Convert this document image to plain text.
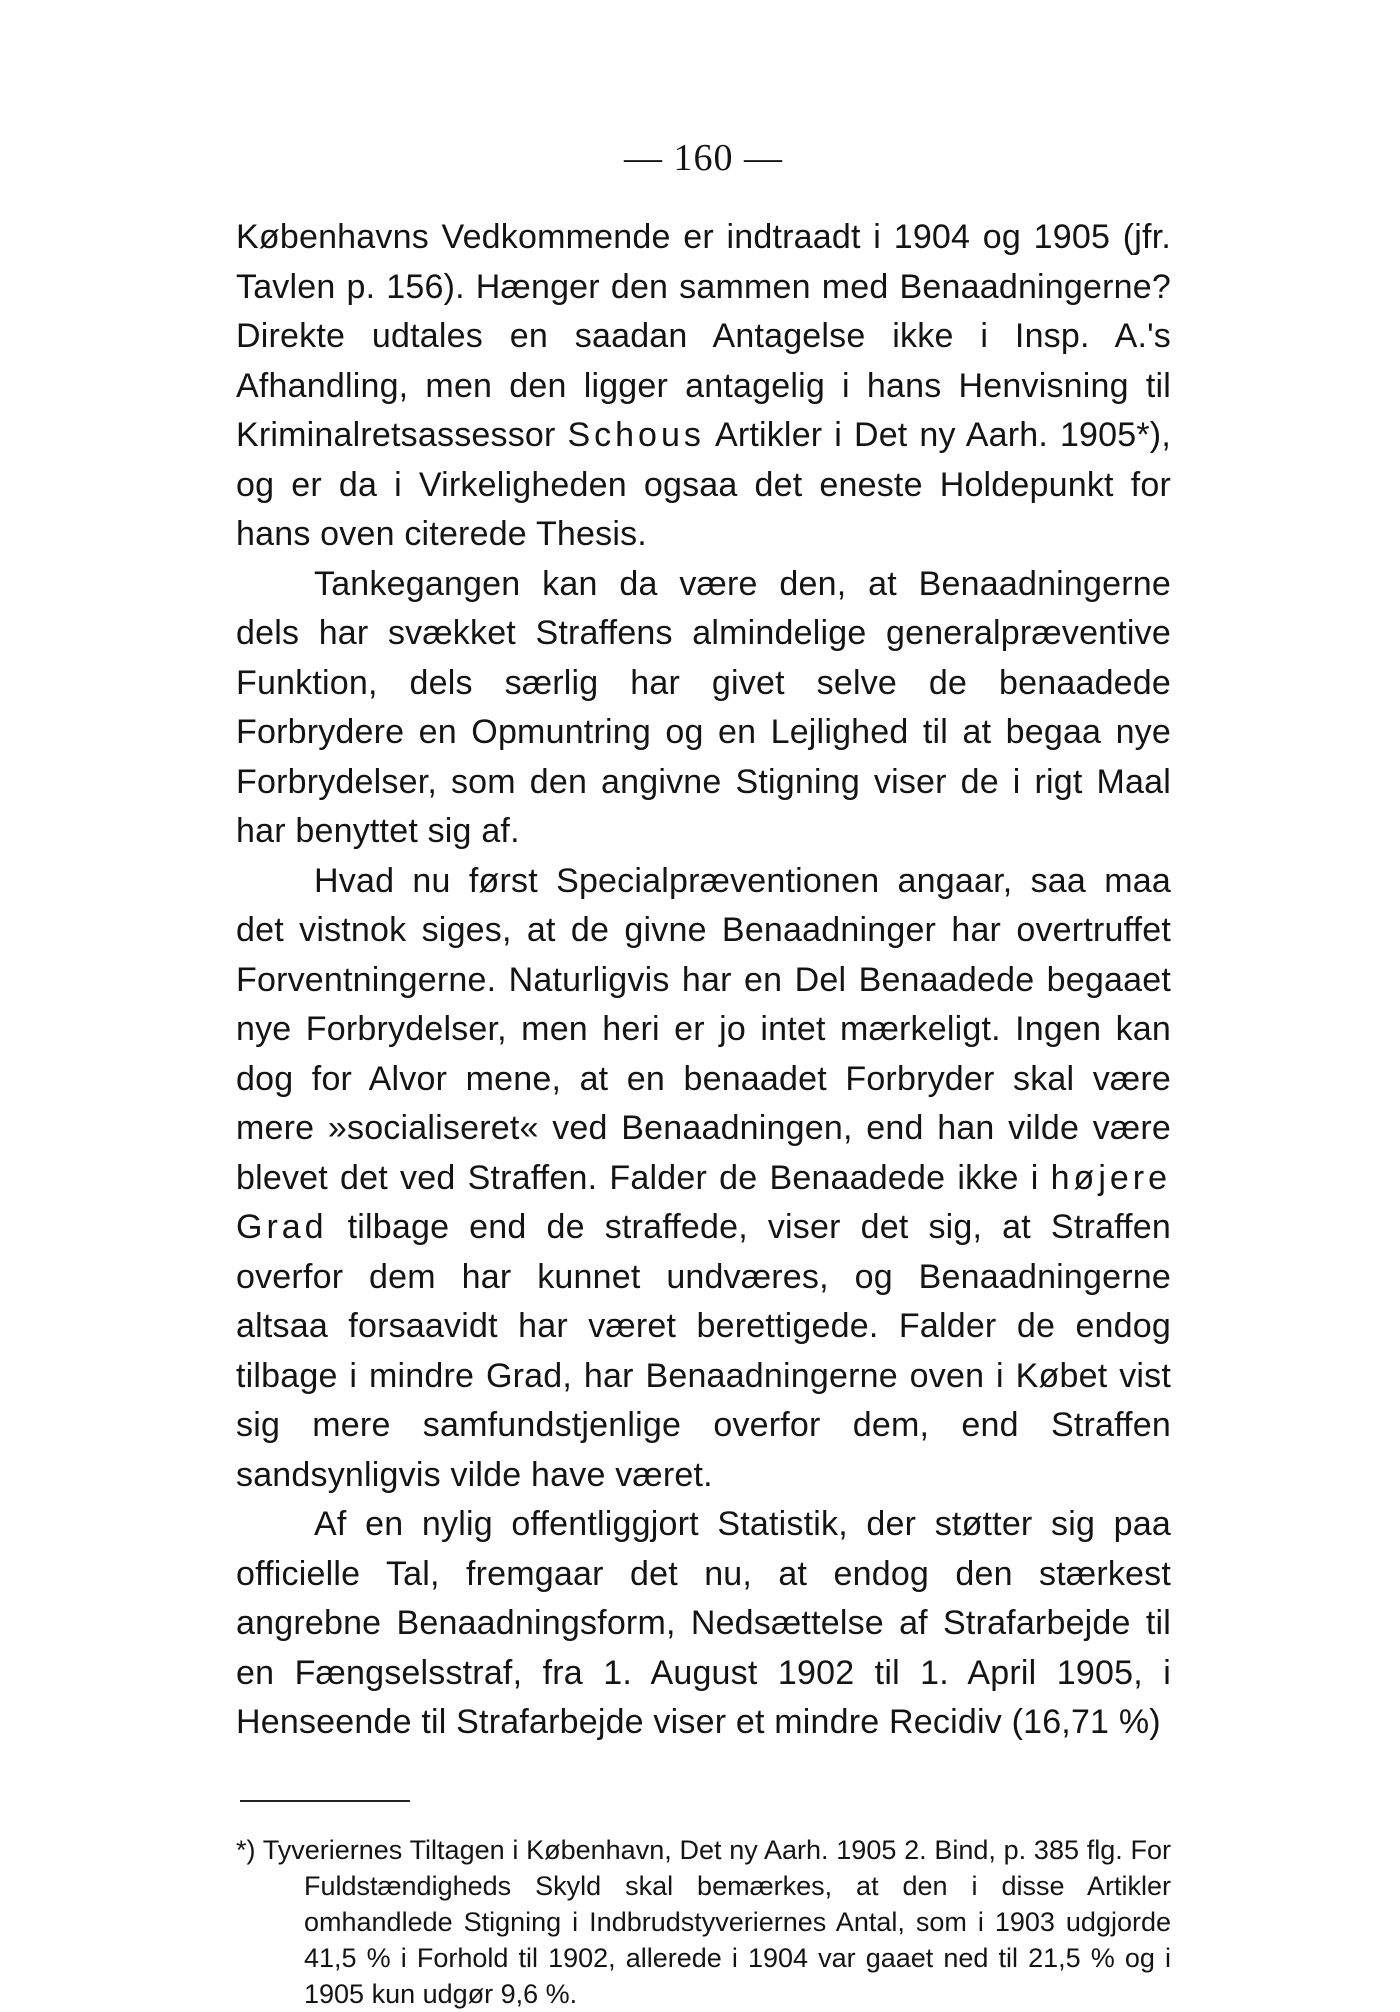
— 160 —

Københavns Vedkommende er indtraadt i 1904 og 1905 (jfr. Tavlen p. 156). Hænger den sammen med Benaadningerne? Direkte udtales en saadan Antagelse ikke i Insp. A.'s Afhandling, men den ligger antagelig i hans Henvisning til Kriminalretsassessor Schous Artikler i Det ny Aarh. 1905*), og er da i Virkeligheden ogsaa det eneste Holdepunkt for hans oven citerede Thesis.

Tankegangen kan da være den, at Benaadningerne dels har svækket Straffens almindelige generalpræventive Funktion, dels særlig har givet selve de benaadede Forbrydere en Opmuntring og en Lejlighed til at begaa nye Forbrydelser, som den angivne Stigning viser de i rigt Maal har benyttet sig af.

Hvad nu først Specialpræventionen angaar, saa maa det vistnok siges, at de givne Benaadninger har overtruffet Forventningerne. Naturligvis har en Del Benaadede begaaet nye Forbrydelser, men heri er jo intet mærkeligt. Ingen kan dog for Alvor mene, at en benaadet Forbryder skal være mere »socialiseret« ved Benaadningen, end han vilde være blevet det ved Straffen. Falder de Benaadede ikke i højere Grad tilbage end de straffede, viser det sig, at Straffen overfor dem har kunnet undværes, og Benaadningerne altsaa forsaavidt har været berettigede. Falder de endog tilbage i mindre Grad, har Benaadningerne oven i Købet vist sig mere samfundstjenlige overfor dem, end Straffen sandsynligvis vilde have været.

Af en nylig offentliggjort Statistik, der støtter sig paa officielle Tal, fremgaar det nu, at endog den stærkest angrebne Benaadningsform, Nedsættelse af Strafarbejde til en Fængselsstraf, fra 1. August 1902 til 1. April 1905, i Henseende til Strafarbejde viser et mindre Recidiv (16,71 %)

*) Tyveriernes Tiltagen i København, Det ny Aarh. 1905 2. Bind, p. 385 flg. For Fuldstændigheds Skyld skal bemærkes, at den i disse Artikler omhandlede Stigning i Indbrudstyveriernes Antal, som i 1903 udgjorde 41,5 % i Forhold til 1902, allerede i 1904 var gaaet ned til 21,5 % og i 1905 kun udgør 9,6 %.
